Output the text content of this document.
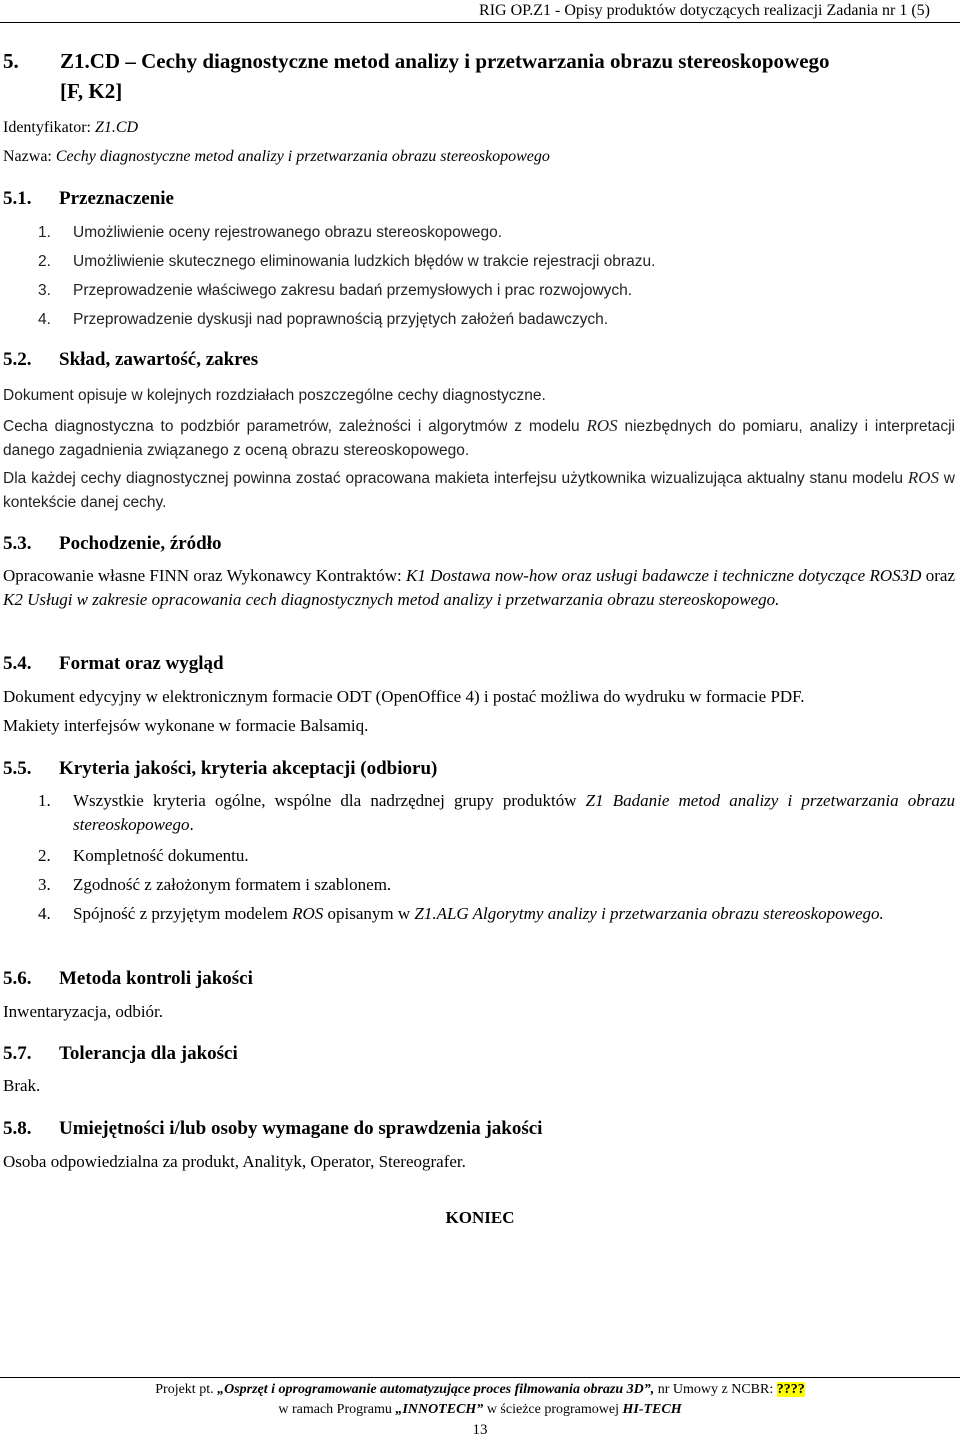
RIG OP.Z1 - Opisy produktów dotyczących realizacji Zadania nr 1 (5)
5. Z1.CD – Cechy diagnostyczne metod analizy i przetwarzania obrazu stereoskopowego
[F, K2]
Identyfikator: Z1.CD
Nazwa: Cechy diagnostyczne metod analizy i przetwarzania obrazu stereoskopowego
5.1. Przeznaczenie
1.	Umożliwienie oceny rejestrowanego obrazu stereoskopowego.
2.	Umożliwienie skutecznego eliminowania ludzkich błędów w trakcie rejestracji obrazu.
3.	Przeprowadzenie właściwego zakresu badań przemysłowych i prac rozwojowych.
4.	Przeprowadzenie dyskusji nad poprawnością przyjętych założeń badawczych.
5.2. Skład, zawartość, zakres
Dokument opisuje w kolejnych rozdziałach poszczególne cechy diagnostyczne.
Cecha diagnostyczna to podzbiór parametrów, zależności i algorytmów z modelu ROS niezbędnych do pomiaru, analizy i interpretacji danego zagadnienia związanego z oceną obrazu stereoskopowego.
Dla każdej cechy diagnostycznej powinna zostać opracowana makieta interfejsu użytkownika wizualizująca aktualny stanu modelu ROS w kontekście danej cechy.
5.3. Pochodzenie, źródło
Opracowanie własne FINN oraz Wykonawcy Kontraktów: K1 Dostawa now-how oraz usługi badawcze i techniczne dotyczące ROS3D oraz K2 Usługi w zakresie opracowania cech diagnostycznych metod analizy i przetwarzania obrazu stereoskopowego.
5.4. Format oraz wygląd
Dokument edycyjny w elektronicznym formacie ODT (OpenOffice 4) i postać możliwa do wydruku w formacie PDF.
Makiety interfejsów wykonane w formacie Balsamiq.
5.5. Kryteria jakości, kryteria akceptacji (odbioru)
1.	Wszystkie kryteria ogólne, wspólne dla nadrzędnej grupy produktów Z1 Badanie metod analizy i przetwarzania obrazu stereoskopowego.
2.	Kompletność dokumentu.
3.	Zgodność z założonym formatem i szablonem.
4.	Spójność z przyjętym modelem ROS opisanym w Z1.ALG Algorytmy analizy i przetwarzania obrazu stereoskopowego.
5.6. Metoda kontroli jakości
Inwentaryzacja, odbiór.
5.7. Tolerancja dla jakości
Brak.
5.8. Umiejętności i/lub osoby wymagane do sprawdzenia jakości
Osoba odpowiedzialna za produkt, Analityk, Operator, Stereografer.
KONIEC
Projekt pt. „Osprzęt i oprogramowanie automatyzujące proces filmowania obrazu 3D”, nr Umowy z NCBR: ????
w ramach Programu „INNOTECH” w ścieżce programowej HI-TECH
13
